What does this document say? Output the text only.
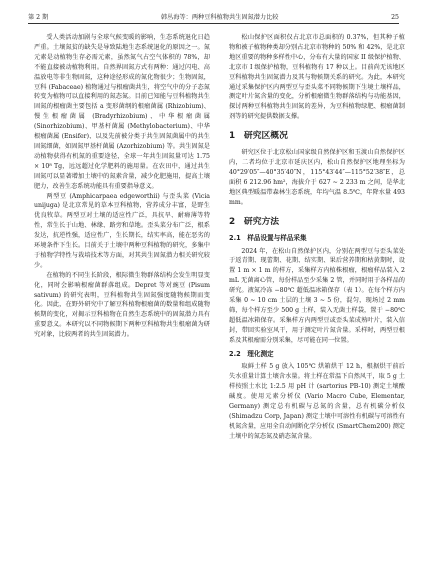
第 2 期	韩丛海等：两种豆科植物共生固氮潜力比较	25

受人类活动加剧与全球气候变暖的影响，生态系统退化日趋严重。土壤氮贫的缺失是导致陆地生态系统退化的原因之一。氮元素是动植物生存必需元素，虽然氮气占空气体积的 78%，却不能直接被动植物利用。自然界固氮方式有两种：通过闪电、高温放电等非生物固氮，这种途径形成的氮化物很少；生物固氮，豆科 (Fabaceae) 植物通过与根瘤菌共生，将空气中的分子态氮转变为植物可以直接利用的氮态氮。目前已知能与豆科植物共生固氮的根瘤菌主要包括 a 变形菌纲的根瘤菌属 (Rhizobium)、慢生根瘤菌属 (Bradyrhizobium)、中华根瘤菌属 (Sinorhizobium)、甲基杆菌属 (Methylobacterium)、中华根瘤菌属 (Ensifer)、以及先前被分类于共生固氮菌属中的共生固氮细菌，如固氮甲基杆菌属 (Azorhizobium) 等。共生固氮是动植物获得有机氮的重要途径，全球一年共生固氮量可达 1.75 × 10⁸ Tg，远远超过化学肥料的施用量。在农田中，通过共生固氮可以显著增加土壤中的氮素含量，减少化肥施用，提高土壤肥力，改善生态系统功能具有重要指导意义。

两型豆 (Amphicarpaea edgeworthii) 与歪头菜 (Vicia unijuga) 是北京常见的草本豆科植物，营养成分丰富，是野生优良牧草。两型豆对土壤的适应性广泛，具抗旱、耐瘠薄等特性，常生长于山地、林缘、路旁和草地。歪头菜分布广泛，根系发达，抗逆性强，适应性广，生长期长，结实率高，能在恶劣的环境条件下生长。目前关于土壤中两种豆科植物的研究，多集中于植物学特性与栽培技术等方面，对其共生固氮潜力相关研究较少。

在植物的不同生长阶段，根际微生物群落结构会发生明显变化，同时会影响根瘤菌群落组成。Depret 等对豌豆 (Pisum sativum) 的研究表明，豆科植物共生固氮强度随物候期而变化。因此，在野外研究中了解豆科植物根瘤菌的数量和组成随物候期的变化，对揭示豆科植物在自然生态系统中的固氮潜力具有重要意义。本研究以不同物候期下两种豆科植物共生根瘤菌为研究对象，比较两者的共生固氮潜力。

松山保护区面积仅占北京市总面积的 0.37%，但其种子植物和被子植物种类却分别占北京市物种的 50% 和 42%，是北京地区重要的物种多样性中心，分布有大量的国家 II 级保护植物、北京市 I 级保护植物，豆科植物有 17 种以上。目前尚无该地区豆科植物共生固氮潜力及其与物候期关系的研究。为此，本研究通过采集保护区内两型豆与歪头菜不同物候期下生境土壤样品，测定叶片氮含量的变化，分析根瘤微生物群落结构与功能基因，探讨两种豆科植物共生固氮的差异，为豆科植物绿肥、根瘤菌制剂等的研究提供数据支撑。

1　研究区概况

研究区位于北京松山国家级自然保护区和玉渡山自然保护区内，二者均位于北京市延庆区内，松山自然保护区地理坐标为 40°29′05″—40°35′40″N，115°43′44″—115°52′38″E，总面积 6 212.96 hm²，海拔介于 627 ~ 2 233 m 之间，是华北地区典型暖温带森林生态系统，年均气温 8.5℃，年降水量 493 mm。

2　研究方法
2.1　样品设置与样品采集

2024 年，在松山自然保护区内，分别在两型豆与歪头菜处于返青期、现蕾期、花期、结实期、果后营养期和枯黄期时，设置 1 m × 1 m 的样方，采集样方内植株根瘤，根瘤样品装入 2 mL 无菌离心管，每份样品至少采集 2 管，并同时用于各样品的研究。液氮冷冻 −80℃ 超低温冰箱保存（表 1）。在每个样方内采集 0 ~ 10 cm 土层的土壤 3 ~ 5 份，混匀，现场过 2 mm 筛，每个样方至少 500 g 土样，装入无菌土样袋，置于 −80℃ 超低温冰箱保存。采集样方内两型豆或歪头菜成熟叶片，装入信封，带回实验室风干，用于测定叶片氮含量。采样时，两型豆根系及其根瘤需分别采集，尽可能在同一位置。

2.2　理化测定

取鲜土样 5 g 放入 105℃ 烘箱烘干 12 h，根据烘干前后失水重量计算土壤含水量。将土样在常温下自然风干，取 5 g 土样按照土水比 1:2.5 用 pH 计 (sartorius PB-10) 测定土壤酸碱度。使用元素分析仪 (Vario Macro Cube, Elementar, Germany) 测定总有机碳与总氮的含量，总有机碳分析仪 (Shimadzu Corp, Japan) 测定土壤中可溶性有机碳与可溶性有机氮含量，应用全自动间断化学分析仪 (SmartChem200) 测定土壤中的氮态氮及硝态氮含量。
